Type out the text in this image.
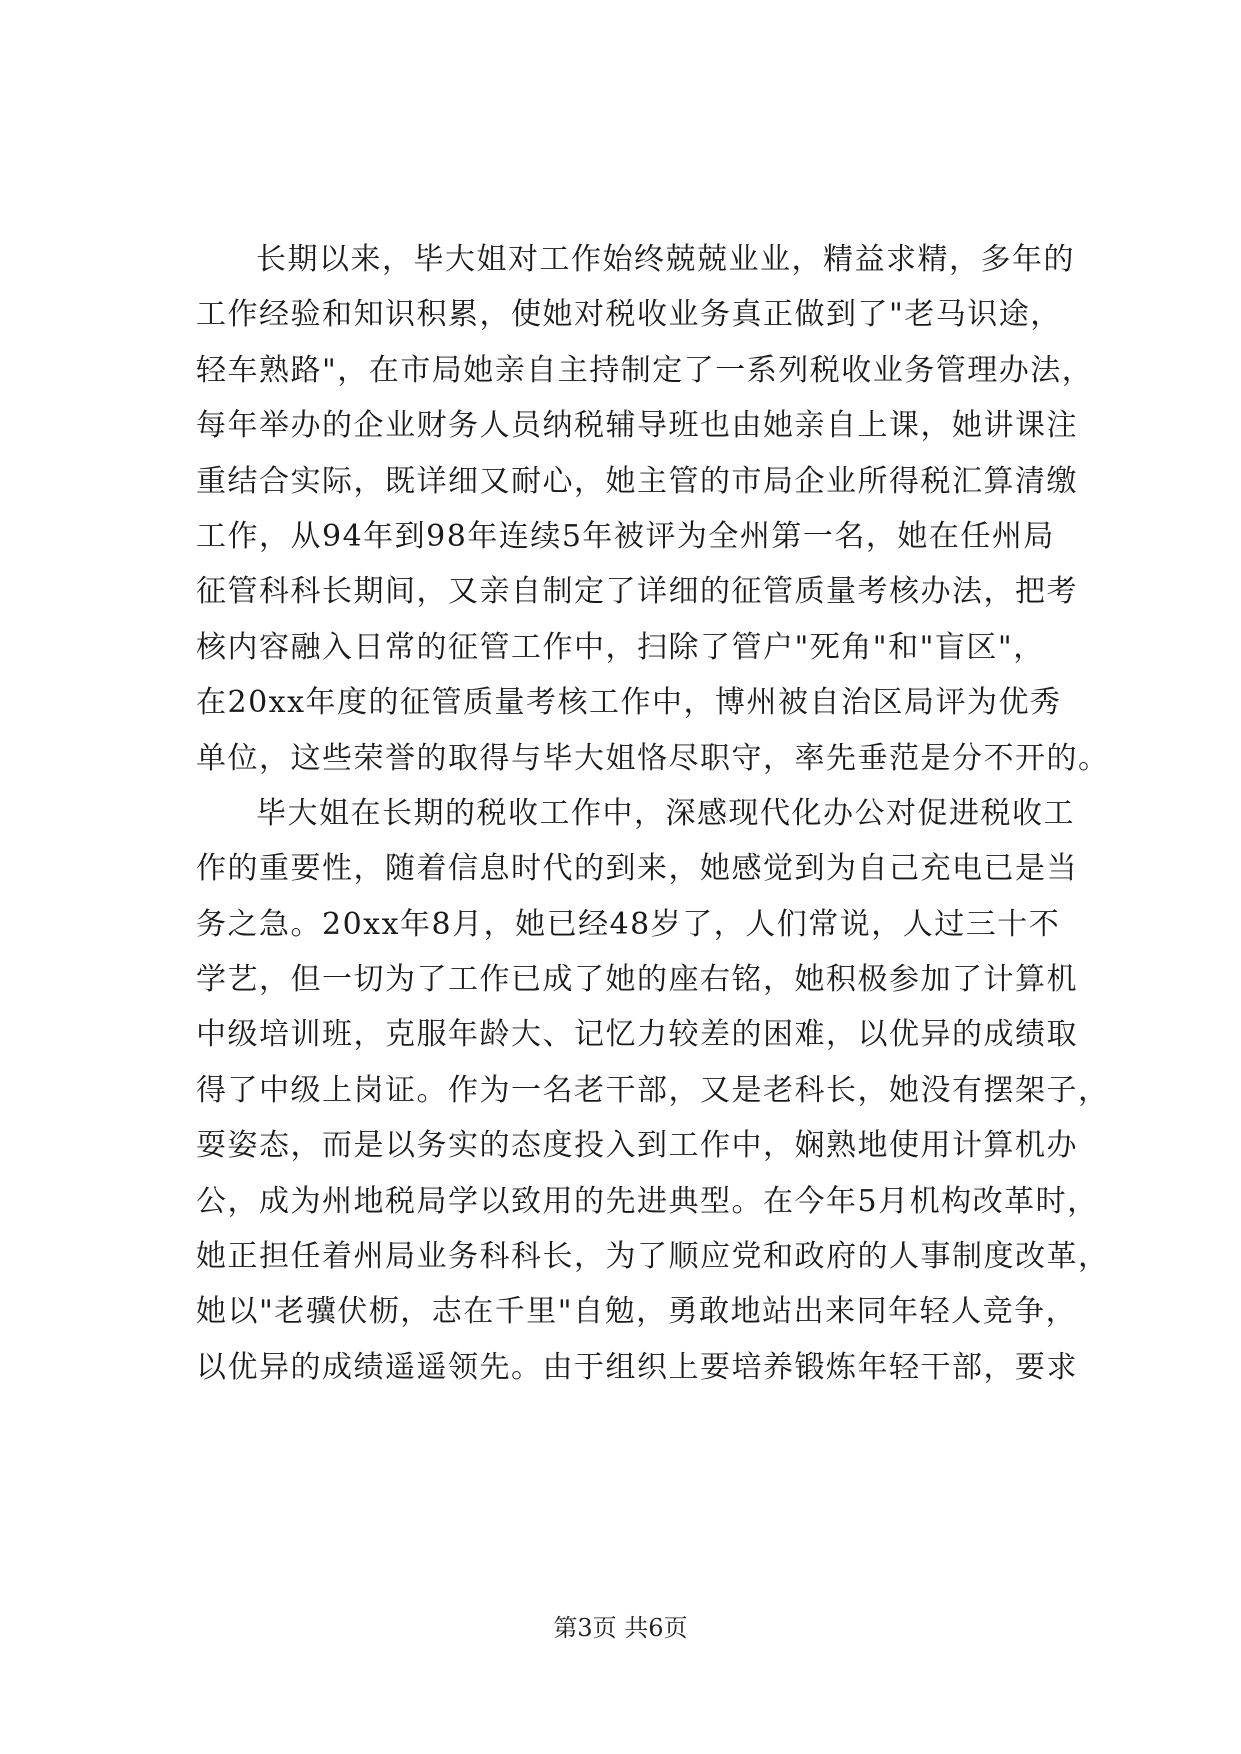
长期以来，毕大姐对工作始终兢兢业业，精益求精，多年的
工作经验和知识积累，使她对税收业务真正做到了"老马识途，
轻车熟路"，在市局她亲自主持制定了一系列税收业务管理办法，
每年举办的企业财务人员纳税辅导班也由她亲自上课，她讲课注
重结合实际，既详细又耐心，她主管的市局企业所得税汇算清缴
工作，从94年到98年连续5年被评为全州第一名，她在任州局
征管科科长期间，又亲自制定了详细的征管质量考核办法，把考
核内容融入日常的征管工作中，扫除了管户"死角"和"盲区"，
在20xx年度的征管质量考核工作中，博州被自治区局评为优秀
单位，这些荣誉的取得与毕大姐恪尽职守，率先垂范是分不开的。
毕大姐在长期的税收工作中，深感现代化办公对促进税收工
作的重要性，随着信息时代的到来，她感觉到为自己充电已是当
务之急。20xx年8月，她已经48岁了，人们常说，人过三十不
学艺，但一切为了工作已成了她的座右铭，她积极参加了计算机
中级培训班，克服年龄大、记忆力较差的困难，以优异的成绩取
得了中级上岗证。作为一名老干部，又是老科长，她没有摆架子，
耍姿态，而是以务实的态度投入到工作中，娴熟地使用计算机办
公，成为州地税局学以致用的先进典型。在今年5月机构改革时，
她正担任着州局业务科科长，为了顺应党和政府的人事制度改革，
她以"老骥伏枥，志在千里"自勉，勇敢地站出来同年轻人竞争，
以优异的成绩遥遥领先。由于组织上要培养锻炼年轻干部，要求
第3页 共6页
